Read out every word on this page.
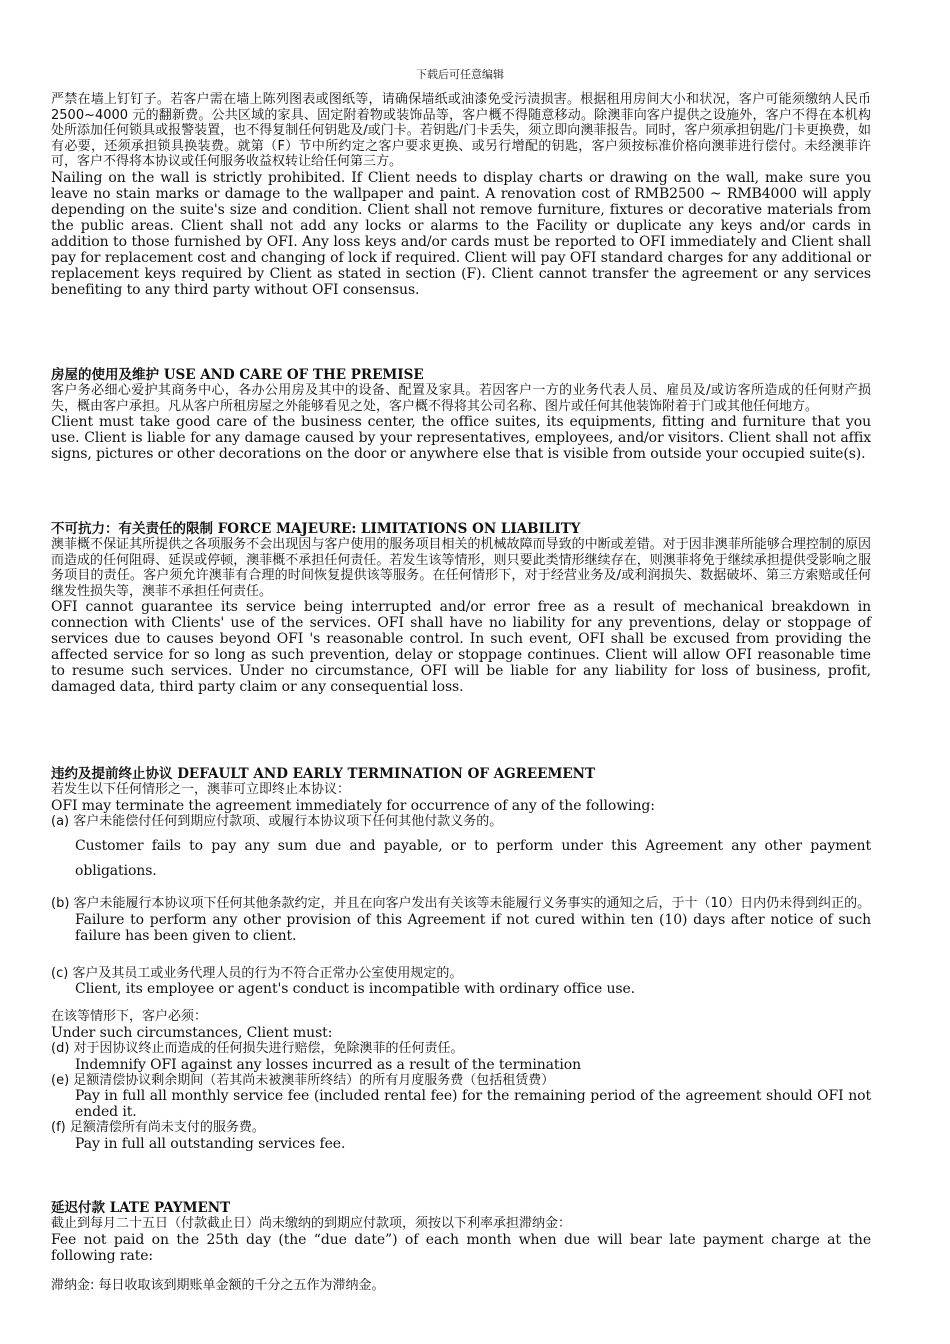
下载后可任意编辑

严禁在墙上钉钉子。若客户需在墙上陈列图表或图纸等，请确保墙纸或油漆免受污渍损害。根据租用房间大小和状况，客户可能须缴纳人民币 2500~4000 元的翻新费。公共区域的家具、固定附着物或装饰品等，客户概不得随意移动。除澳菲向客户提供之设施外，客户不得在本机构处所添加任何锁具或报警装置，也不得复制任何钥匙及/或门卡。若钥匙/门卡丢失，须立即向澳菲报告。同时，客户须承担钥匙/门卡更换费，如有必要，还须承担锁具换装费。就第（F）节中所约定之客户要求更换、或另行增配的钥匙，客户须按标准价格向澳菲进行偿付。未经澳菲许可，客户不得将本协议或任何服务收益权转让给任何第三方。

Nailing on the wall is strictly prohibited. If Client needs to display charts or drawing on the wall, make sure you leave no stain marks or damage to the wallpaper and paint. A renovation cost of RMB2500 ~ RMB4000 will apply depending on the suite's size and condition. Client shall not remove furniture, fixtures or decorative materials from the public areas. Client shall not add any locks or alarms to the Facility or duplicate any keys and/or cards in addition to those furnished by OFI. Any loss keys and/or cards must be reported to OFI immediately and Client shall pay for replacement cost and changing of lock if required. Client will pay OFI standard charges for any additional or replacement keys required by Client as stated in section (F). Client cannot transfer the agreement or any services benefiting to any third party without OFI consensus.

房屋的使用及维护 USE AND CARE OF THE PREMISE

客户务必细心爱护其商务中心，各办公用房及其中的设备、配置及家具。若因客户一方的业务代表人员、雇员及/或访客所造成的任何财产损失，概由客户承担。凡从客户所租房屋之外能够看见之处，客户概不得将其公司名称、图片或任何其他装饰附着于门或其他任何地方。

Client must take good care of the business center, the office suites, its equipments, fitting and furniture that you use. Client is liable for any damage caused by your representatives, employees, and/or visitors. Client shall not affix signs, pictures or other decorations on the door or anywhere else that is visible from outside your occupied suite(s).

不可抗力：有关责任的限制 FORCE MAJEURE: LIMITATIONS ON LIABILITY

澳菲概不保证其所提供之各项服务不会出现因与客户使用的服务项目相关的机械故障而导致的中断或差错。对于因非澳菲所能够合理控制的原因而造成的任何阻碍、延误或停顿，澳菲概不承担任何责任。若发生该等情形，则只要此类情形继续存在，则澳菲将免于继续承担提供受影响之服务项目的责任。客户须允许澳菲有合理的时间恢复提供该等服务。在任何情形下，对于经营业务及/或利润损失、数据破坏、第三方索赔或任何继发性损失等，澳菲不承担任何责任。

OFI cannot guarantee its service being interrupted and/or error free as a result of mechanical breakdown in connection with Clients' use of the services. OFI shall have no liability for any preventions, delay or stoppage of services due to causes beyond OFI 's reasonable control. In such event, OFI shall be excused from providing the affected service for so long as such prevention, delay or stoppage continues. Client will allow OFI reasonable time to resume such services. Under no circumstance, OFI will be liable for any liability for loss of business, profit, damaged data, third party claim or any consequential loss.

违约及提前终止协议 DEFAULT AND EARLY TERMINATION OF AGREEMENT

若发生以下任何情形之一，澳菲可立即终止本协议：

OFI may terminate the agreement immediately for occurrence of any of the following:

(a) 客户未能偿付任何到期应付款项、或履行本协议项下任何其他付款义务的。

Customer fails to pay any sum due and payable, or to perform under this Agreement any other payment obligations.

(b) 客户未能履行本协议项下任何其他条款约定，并且在向客户发出有关该等未能履行义务事实的通知之后，于十（10）日内仍未得到纠正的。

Failure to perform any other provision of this Agreement if not cured within ten (10) days after notice of such failure has been given to client.

(c) 客户及其员工或业务代理人员的行为不符合正常办公室使用规定的。

Client, its employee or agent's conduct is incompatible with ordinary office use.

在该等情形下，客户必须：

Under such circumstances, Client must:

(d) 对于因协议终止而造成的任何损失进行赔偿，免除澳菲的任何责任。

Indemnify OFI against any losses incurred as a result of the termination

(e) 足额清偿协议剩余期间（若其尚未被澳菲所终结）的所有月度服务费（包括租赁费）

Pay in full all monthly service fee (included rental fee) for the remaining period of the agreement should OFI not ended it.

(f) 足额清偿所有尚未支付的服务费。

Pay in full all outstanding services fee.

延迟付款 LATE PAYMENT

截止到每月二十五日（付款截止日）尚未缴纳的到期应付款项，须按以下利率承担滞纳金：

Fee not paid on the 25th day (the “due date”) of each month when due will bear late payment charge at the following rate:

滞纳金: 每日收取该到期账单金额的千分之五作为滞纳金。
